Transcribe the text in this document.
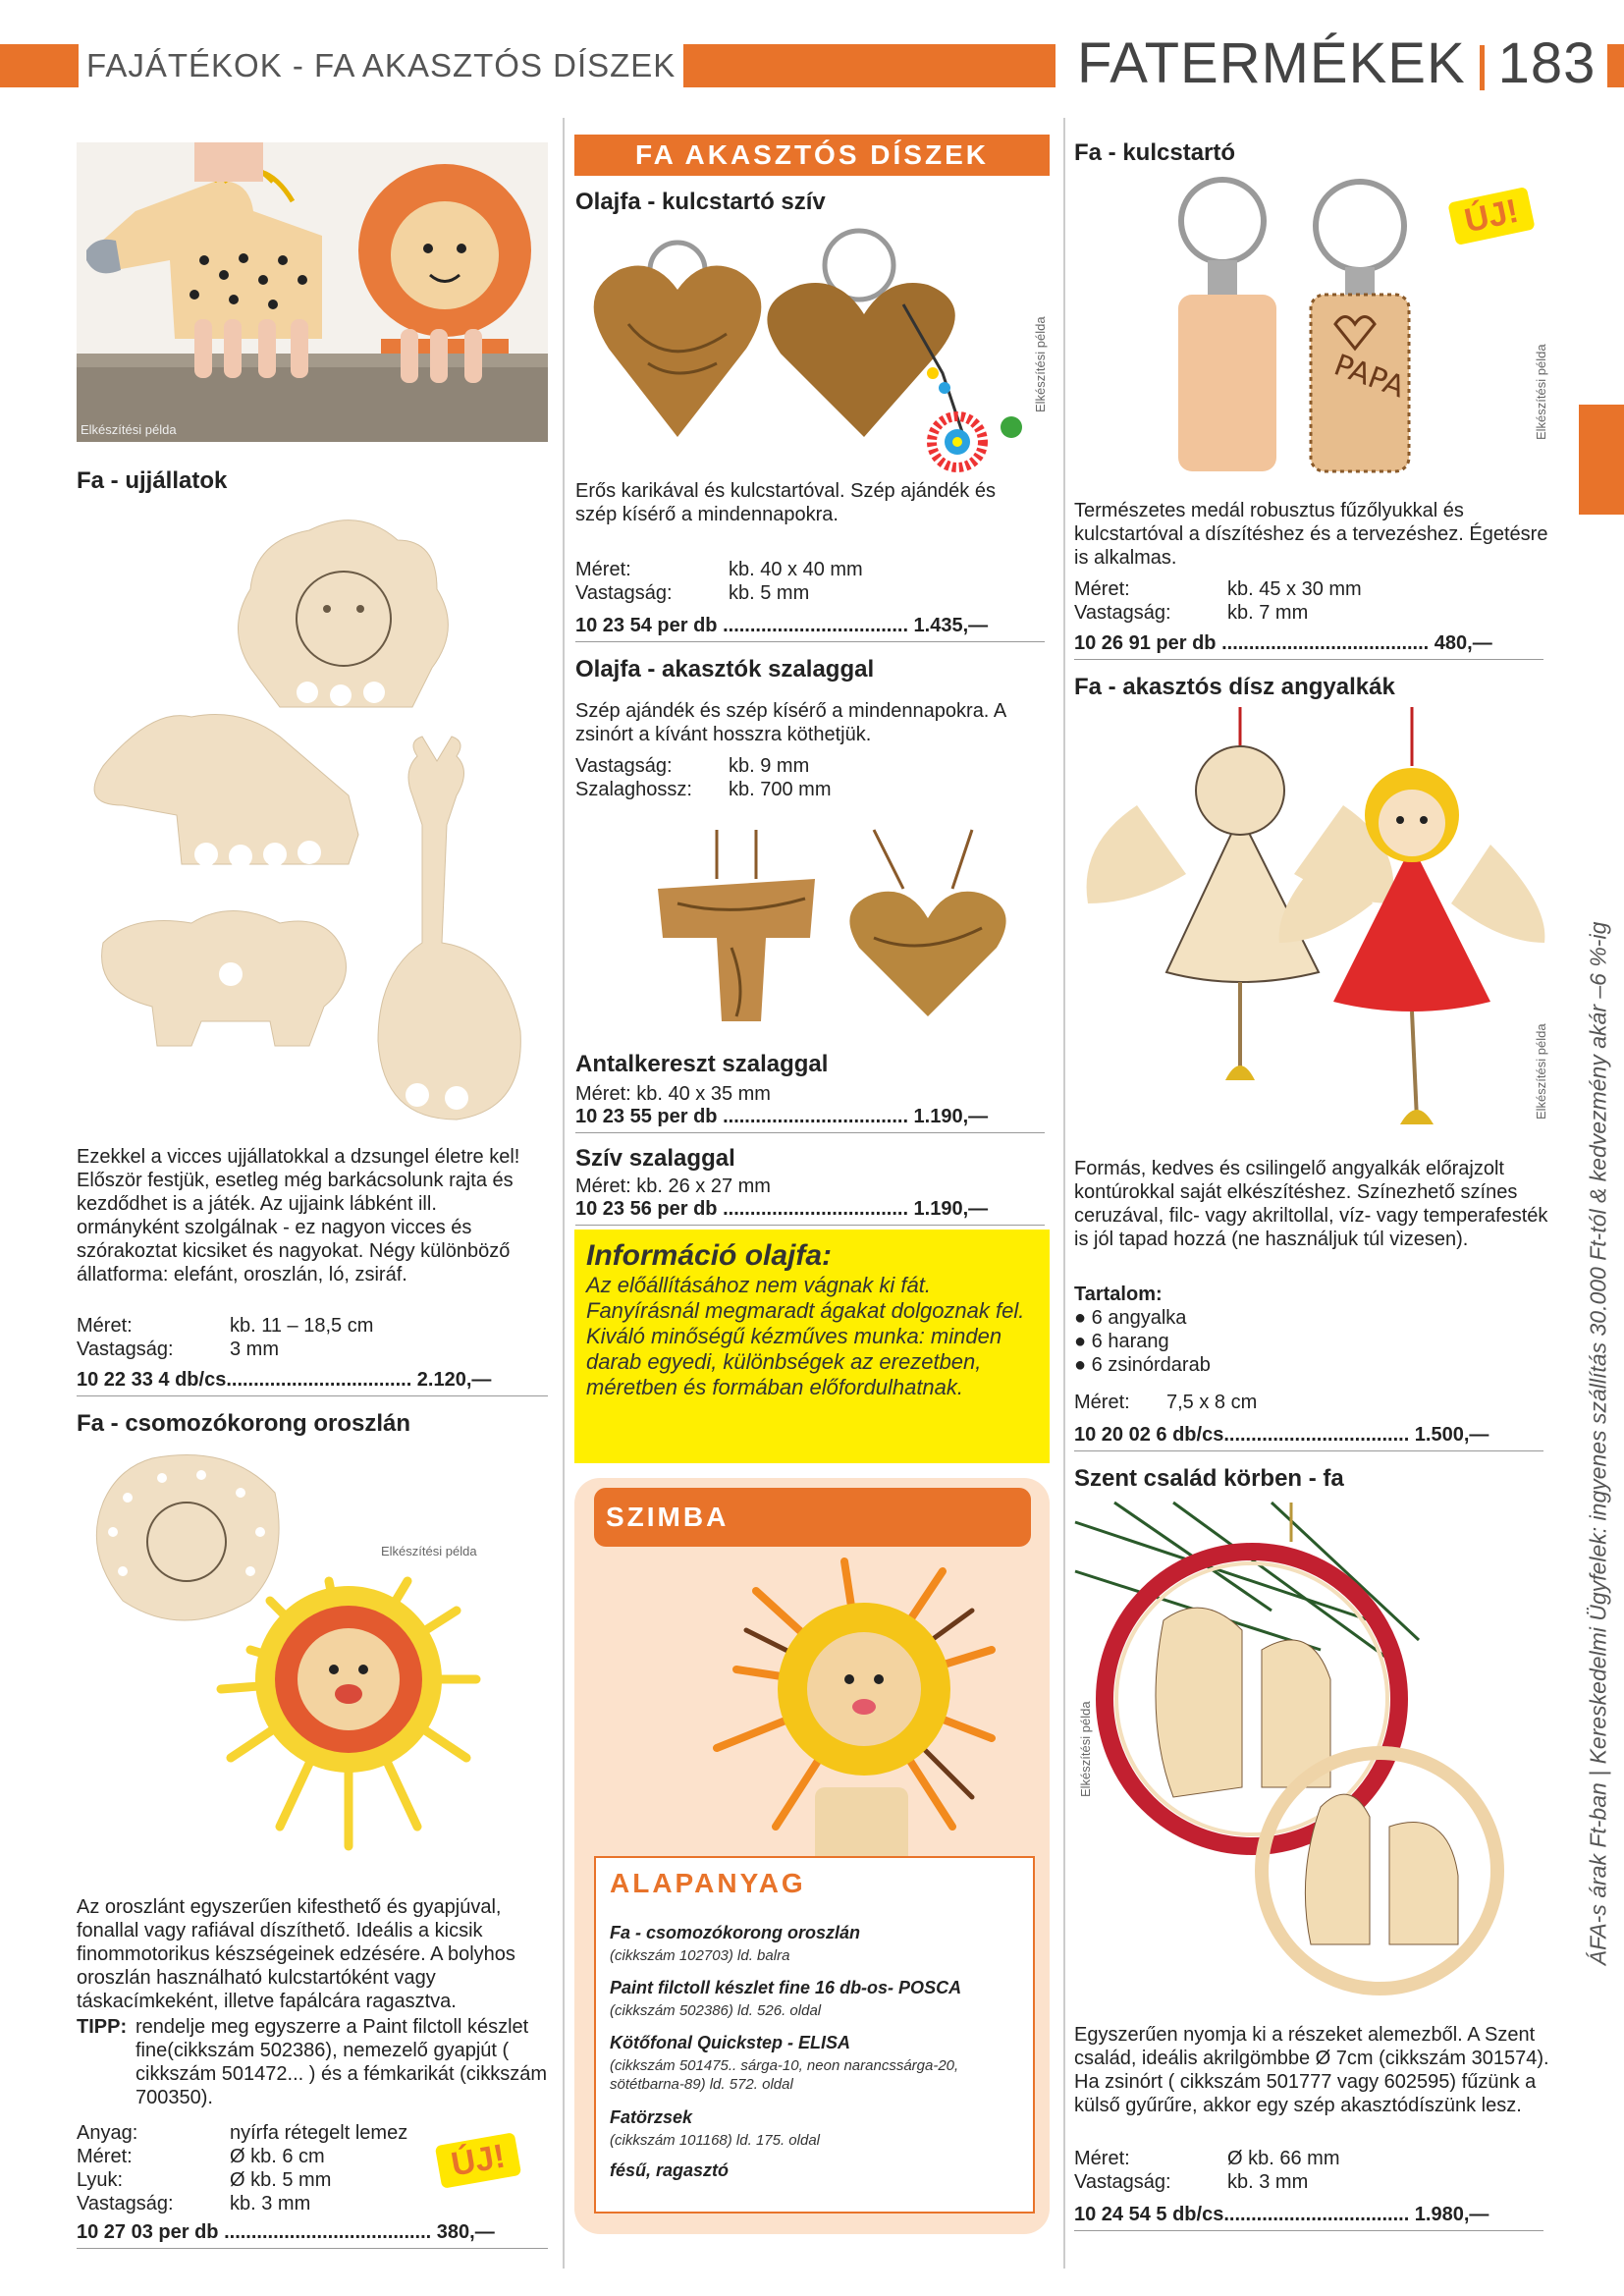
FAJÁTÉKOK - FA AKASZTÓS DÍSZEK	FATERMÉKEK 183
ÁFA-s árak Ft-ban | Kereskedelmi Ügyfelek: ingyenes szállítás 30.000 Ft-tól & kedvezmény akár –6 %-ig
Elkészítési példa
Fa - ujjállatok
Ezekkel a vicces ujjállatokkal a dzsungel életre kel! Először festjük, esetleg még barkácsolunk rajta és kezdődhet is a játék. Az ujjaink lábként ill. ormányként szolgálnak - ez nagyon vicces és szórakoztat kicsiket és nagyokat. Négy különböző állatforma: elefánt, oroszlán, ló, zsiráf.
Méret:	kb. 11 – 18,5 cm
Vastagság:	3 mm
10 22 33 4 db/cs.................................. 2.120,—
Fa - csomozókorong oroszlán
Elkészítési példa
Az oroszlánt egyszerűen kifesthető és gyapjúval, fonallal vagy rafiával díszíthető. Ideális a kicsik finommotorikus készségeinek edzésére. A bolyhos oroszlán használható kulcstartóként vagy táskacímkeként, illetve fapálcára ragasztva.
TIPP: rendelje meg egyszerre a Paint filctoll készlet fine(cikkszám 502386), nemezelő gyapjút ( cikkszám 501472... ) és a fémkarikát (cikkszám 700350).
Anyag:	nyírfa rétegelt lemez
Méret:	Ø kb. 6 cm
Lyuk:	Ø kb. 5 mm
Vastagság:	kb. 3 mm
ÚJ!
10 27 03 per db ...................................... 380,—
FA AKASZTÓS DÍSZEK
Olajfa - kulcstartó szív
Elkészítési példa
Erős karikával és kulcstartóval. Szép ajándék és szép kísérő a mindennapokra.
Méret:	kb. 40 x 40 mm
Vastagság:	kb. 5 mm
10 23 54 per db .................................. 1.435,—
Olajfa - akasztók szalaggal
Szép ajándék és szép kísérő a mindennapokra. A zsinórt a kívánt hosszra köthetjük.
Vastagság:	kb. 9 mm
Szalaghossz: kb. 700 mm
Antalkereszt szalaggal
Méret: kb. 40 x 35 mm
10 23 55 per db .................................. 1.190,—
Szív szalaggal
Méret: kb. 26 x 27 mm
10 23 56 per db .................................. 1.190,—
Információ olajfa:
Az előállításához nem vágnak ki fát. Fanyírásnál megmaradt ágakat dolgoznak fel. Kiváló minőségű kézműves munka: minden darab egyedi, különbségek az erezetben, méretben és formában előfordulhatnak.
SZIMBA
ALAPANYAG
Fa - csomozókorong oroszlán
(cikkszám 102703) ld. balra
Paint filctoll készlet fine 16 db-os- POSCA
(cikkszám 502386) ld. 526. oldal
Kötőfonal Quickstep - ELISA
(cikkszám 501475.. sárga-10, neon narancssárga-20, sötétbarna-89) ld. 572. oldal
Fatörzsek
(cikkszám 101168) ld. 175. oldal
fésű, ragasztó
Fa - kulcstartó
ÚJ!
PAPA	Elkészítési példa
Természetes medál robusztus fűzőlyukkal és kulcstartóval a díszítéshez és a tervezéshez. Égetésre is alkalmas.
Méret:	kb. 45 x 30 mm
Vastagság:	kb. 7 mm
10 26 91 per db ...................................... 480,—
Fa - akasztós dísz angyalkák
Elkészítési példa
Formás, kedves és csilingelő angyalkák előrajzolt kontúrokkal saját elkészítéshez. Színezhető színes ceruzával, filc- vagy akriltollal, víz- vagy temperafesték is jól tapad hozzá (ne használjuk túl vizesen).
Tartalom:
● 6 angyalka
● 6 harang
● 6 zsinórdarab
Méret: 7,5 x 8 cm
10 20 02 6 db/cs.................................. 1.500,—
Szent család körben - fa
Elkészítési példa
Egyszerűen nyomja ki a részeket alemezből. A Szent család, ideális akrilgömbbe Ø 7cm (cikkszám 301574). Ha zsinórt ( cikkszám 501777 vagy 602595) fűzünk a külső gyűrűre, akkor egy szép akasztódíszünk lesz.
Méret:	Ø kb. 66 mm
Vastagság:	kb. 3 mm
10 24 54 5 db/cs.................................. 1.980,—
